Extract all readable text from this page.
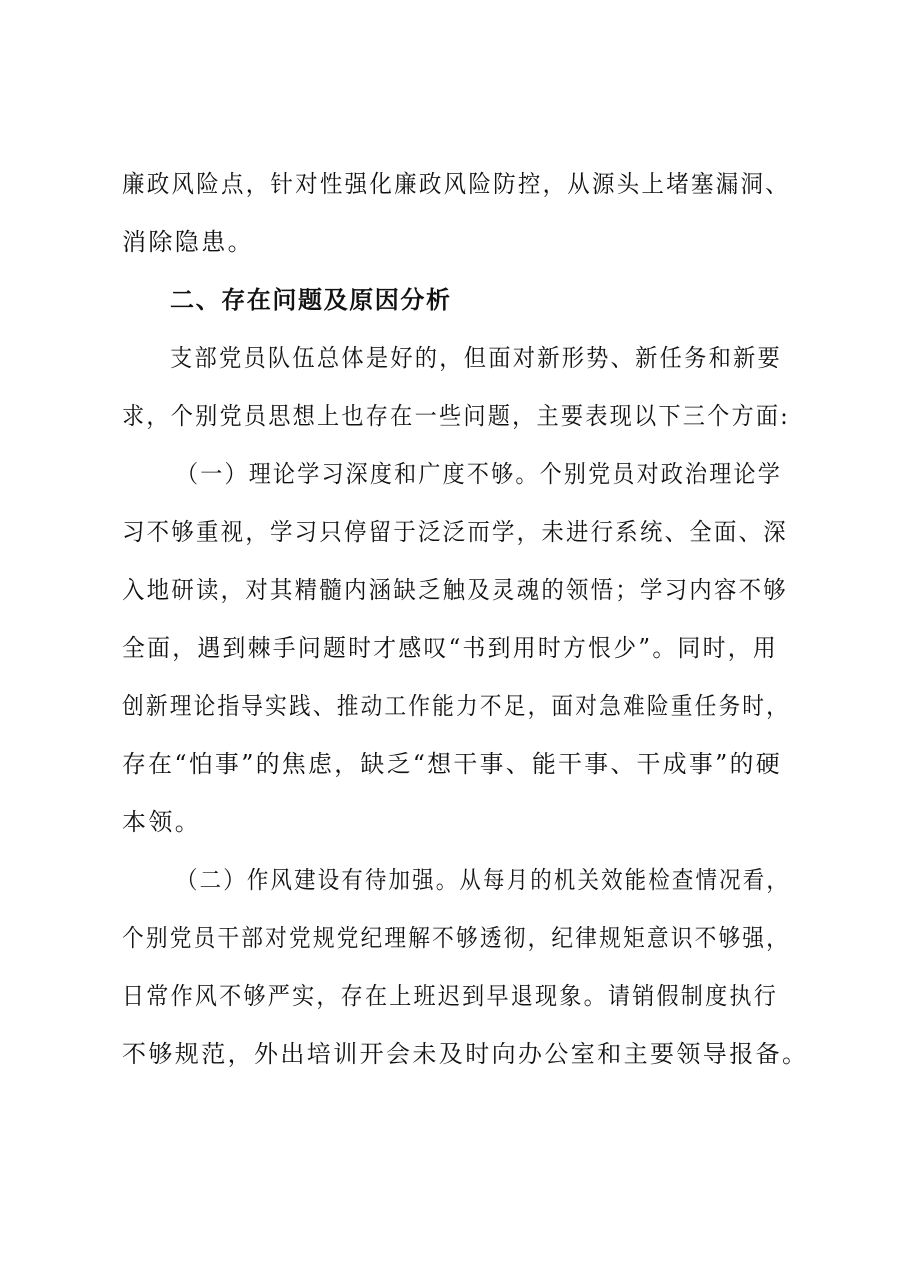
廉政风险点，针对性强化廉政风险防控，从源头上堵塞漏洞、
消除隐患。
二、存在问题及原因分析
支部党员队伍总体是好的，但面对新形势、新任务和新要
求，个别党员思想上也存在一些问题，主要表现以下三个方面:
（一）理论学习深度和广度不够。个别党员对政治理论学
习不够重视，学习只停留于泛泛而学，未进行系统、全面、深
入地研读，对其精髓内涵缺乏触及灵魂的领悟；学习内容不够
全面，遇到棘手问题时才感叹“书到用时方恨少”。同时，用
创新理论指导实践、推动工作能力不足，面对急难险重任务时，
存在“怕事”的焦虑，缺乏“想干事、能干事、干成事”的硬
本领。
（二）作风建设有待加强。从每月的机关效能检查情况看，
个别党员干部对党规党纪理解不够透彻，纪律规矩意识不够强，
日常作风不够严实，存在上班迟到早退现象。请销假制度执行
不够规范，外出培训开会未及时向办公室和主要领导报备。
